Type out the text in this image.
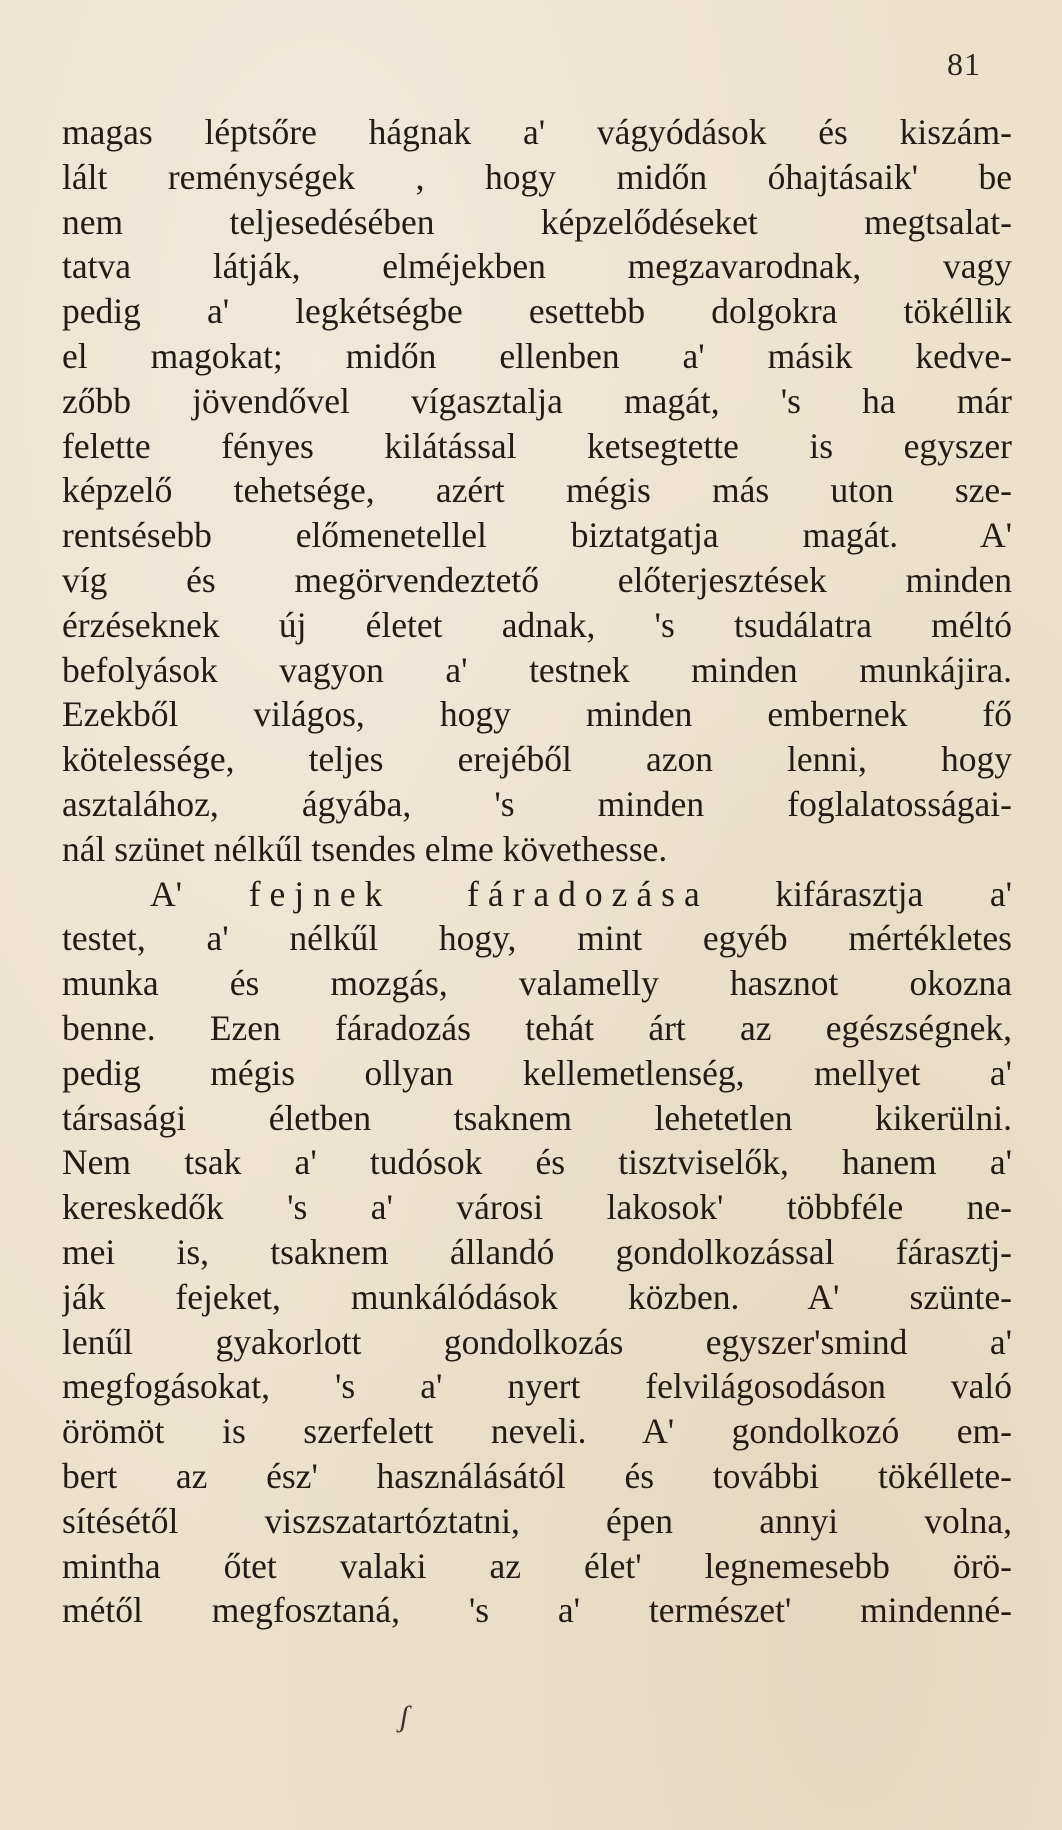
81
magas léptsőre hágnak a' vágyódások és kiszám-
lált reménységek , hogy midőn óhajtásaik' be
nem teljesedésében képzelődéseket megtsalat-
tatva látják, elméjekben megzavarodnak, vagy
pedig a' legkétségbe esettebb dolgokra tökéllik
el magokat; midőn ellenben a' másik kedve-
zőbb jövendővel vígasztalja magát, 's ha már
felette fényes kilátással ketsegtette is egyszer
képzelő tehetsége, azért mégis más uton sze-
rentsésebb előmenetellel biztatgatja magát. A'
víg és megörvendeztető előterjesztések minden
érzéseknek új életet adnak, 's tsudálatra méltó
befolyások vagyon a' testnek minden munkájira.
Ezekből világos, hogy minden embernek fő
kötelessége, teljes erejéből azon lenni, hogy
asztalához, ágyába, 's minden foglalatosságai-
nál szünet nélkűl tsendes elme követhesse.
A' fejnek fáradozása kifárasztja a'
testet, a' nélkűl hogy, mint egyéb mértékletes
munka és mozgás, valamelly hasznot okozna
benne. Ezen fáradozás tehát árt az egészségnek,
pedig mégis ollyan kellemetlenség, mellyet a'
társasági életben tsaknem lehetetlen kikerülni.
Nem tsak a' tudósok és tisztviselők, hanem a'
kereskedők 's a' városi lakosok' többféle ne-
mei is, tsaknem állandó gondolkozással fárasztj-
ják fejeket, munkálódások közben. A' szünte-
lenűl gyakorlott gondolkozás egyszer'smind a'
megfogásokat, 's a' nyert felvilágosodáson való
örömöt is szerfelett neveli. A' gondolkozó em-
bert az ész' használásától és további tökéllete-
sítésétől viszszatartóztatni, épen annyi volna,
mintha őtet valaki az élet' legnemesebb örö-
métől megfosztaná, 's a' természet' mindenné-
ʃ
